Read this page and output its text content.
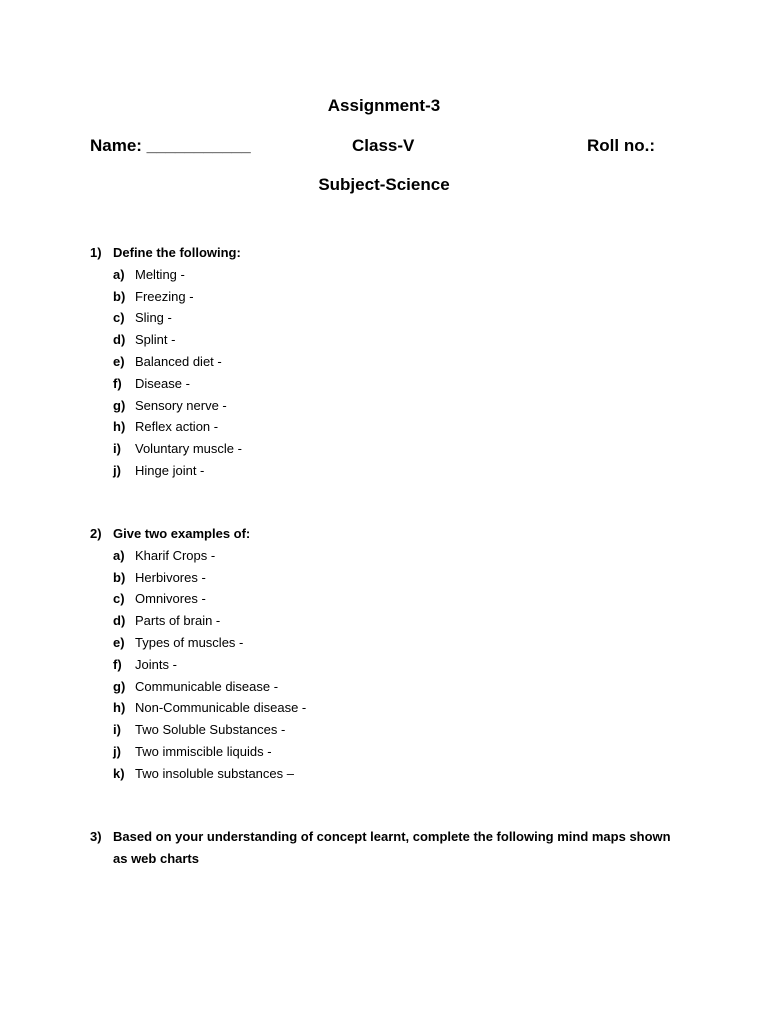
Assignment-3
Name: ___________	Class-V	Roll no.:
Subject-Science
1) Define the following:
a) Melting -
b) Freezing -
c) Sling -
d) Splint -
e) Balanced diet -
f)	Disease -
g) Sensory nerve -
h) Reflex action -
i)	Voluntary muscle -
j)	Hinge joint -
2) Give two examples of:
a) Kharif Crops -
b) Herbivores -
c) Omnivores -
d) Parts of brain -
e) Types of muscles -
f)	Joints -
g) Communicable disease -
h) Non-Communicable disease -
i)	Two Soluble Substances -
j)	Two immiscible liquids -
k) Two insoluble substances –
3) Based on your understanding of concept learnt, complete the following mind maps shown as web charts
